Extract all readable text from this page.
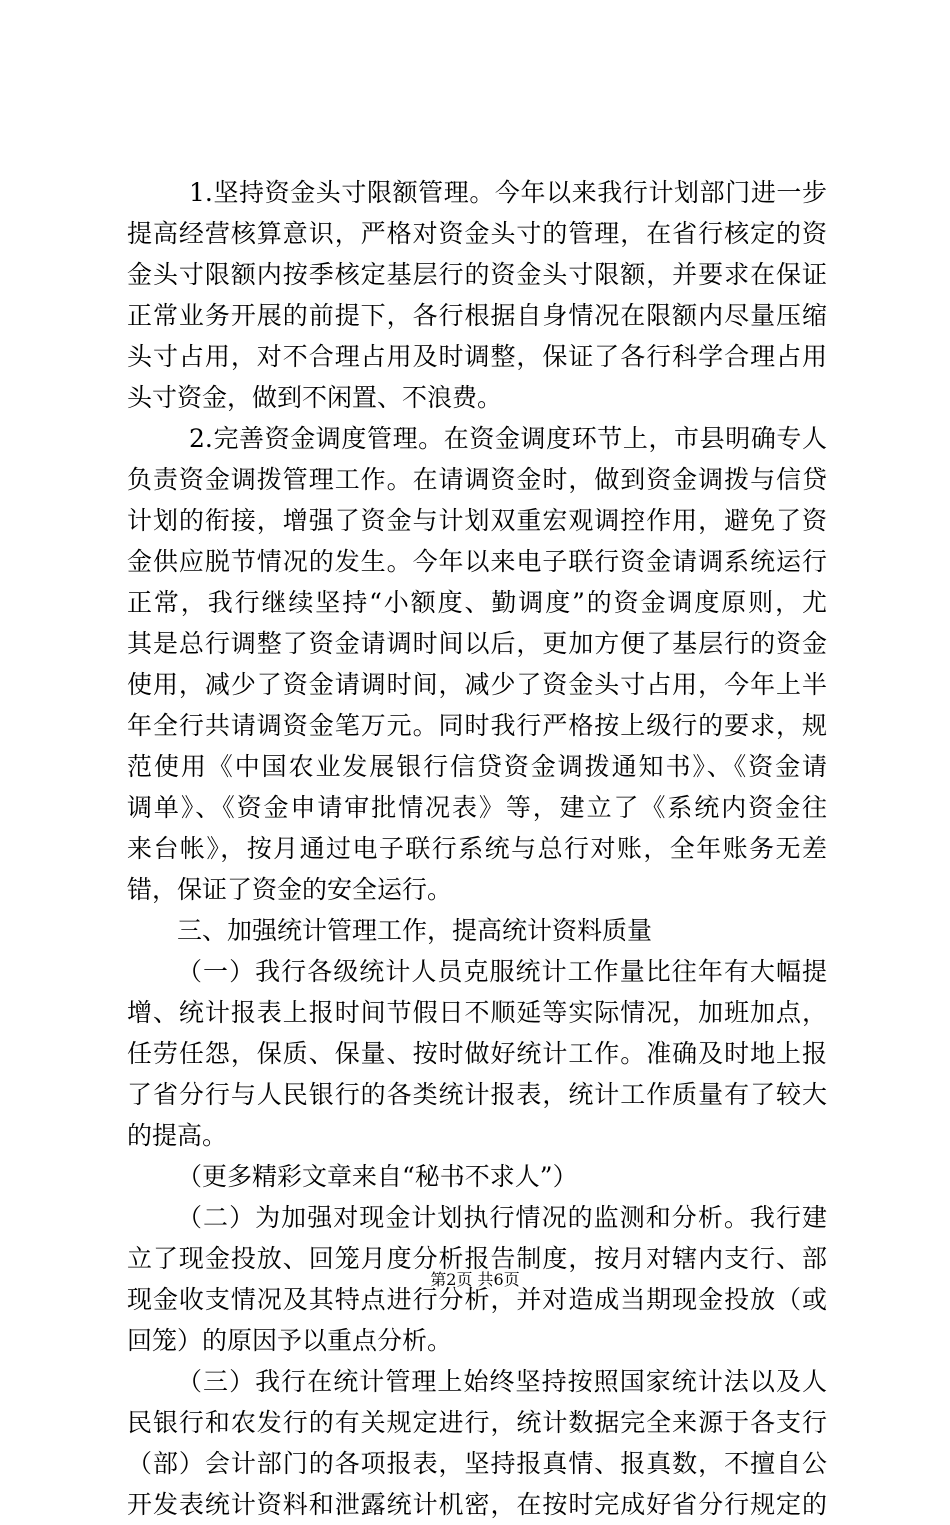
1.坚持资金头寸限额管理。今年以来我行计划部门进一步
提高经营核算意识，严格对资金头寸的管理，在省行核定的资
金头寸限额内按季核定基层行的资金头寸限额，并要求在保证
正常业务开展的前提下，各行根据自身情况在限额内尽量压缩
头寸占用，对不合理占用及时调整，保证了各行科学合理占用
头寸资金，做到不闲置、不浪费。
2.完善资金调度管理。在资金调度环节上，市县明确专人
负责资金调拨管理工作。在请调资金时，做到资金调拨与信贷
计划的衔接，增强了资金与计划双重宏观调控作用，避免了资
金供应脱节情况的发生。今年以来电子联行资金请调系统运行
正常，我行继续坚持“小额度、勤调度”的资金调度原则，尤
其是总行调整了资金请调时间以后，更加方便了基层行的资金
使用，减少了资金请调时间，减少了资金头寸占用，今年上半
年全行共请调资金笔万元。同时我行严格按上级行的要求，规
范使用《中国农业发展银行信贷资金调拨通知书》、《资金请
调单》、《资金申请审批情况表》等，建立了《系统内资金往
来台帐》，按月通过电子联行系统与总行对账，全年账务无差
错，保证了资金的安全运行。
三、加强统计管理工作，提高统计资料质量
（一）我行各级统计人员克服统计工作量比往年有大幅提
增、统计报表上报时间节假日不顺延等实际情况，加班加点，
任劳任怨，保质、保量、按时做好统计工作。准确及时地上报
了省分行与人民银行的各类统计报表，统计工作质量有了较大
的提高。
（更多精彩文章来自“秘书不求人”）
（二）为加强对现金计划执行情况的监测和分析。我行建
立了现金投放、回笼月度分析报告制度，按月对辖内支行、部
现金收支情况及其特点进行分析，并对造成当期现金投放（或
回笼）的原因予以重点分析。
（三）我行在统计管理上始终坚持按照国家统计法以及人
民银行和农发行的有关规定进行，统计数据完全来源于各支行
（部）会计部门的各项报表，坚持报真情、报真数，不擅自公
开发表统计资料和泄露统计机密，在按时完成好省分行规定的
第2页 共6页
